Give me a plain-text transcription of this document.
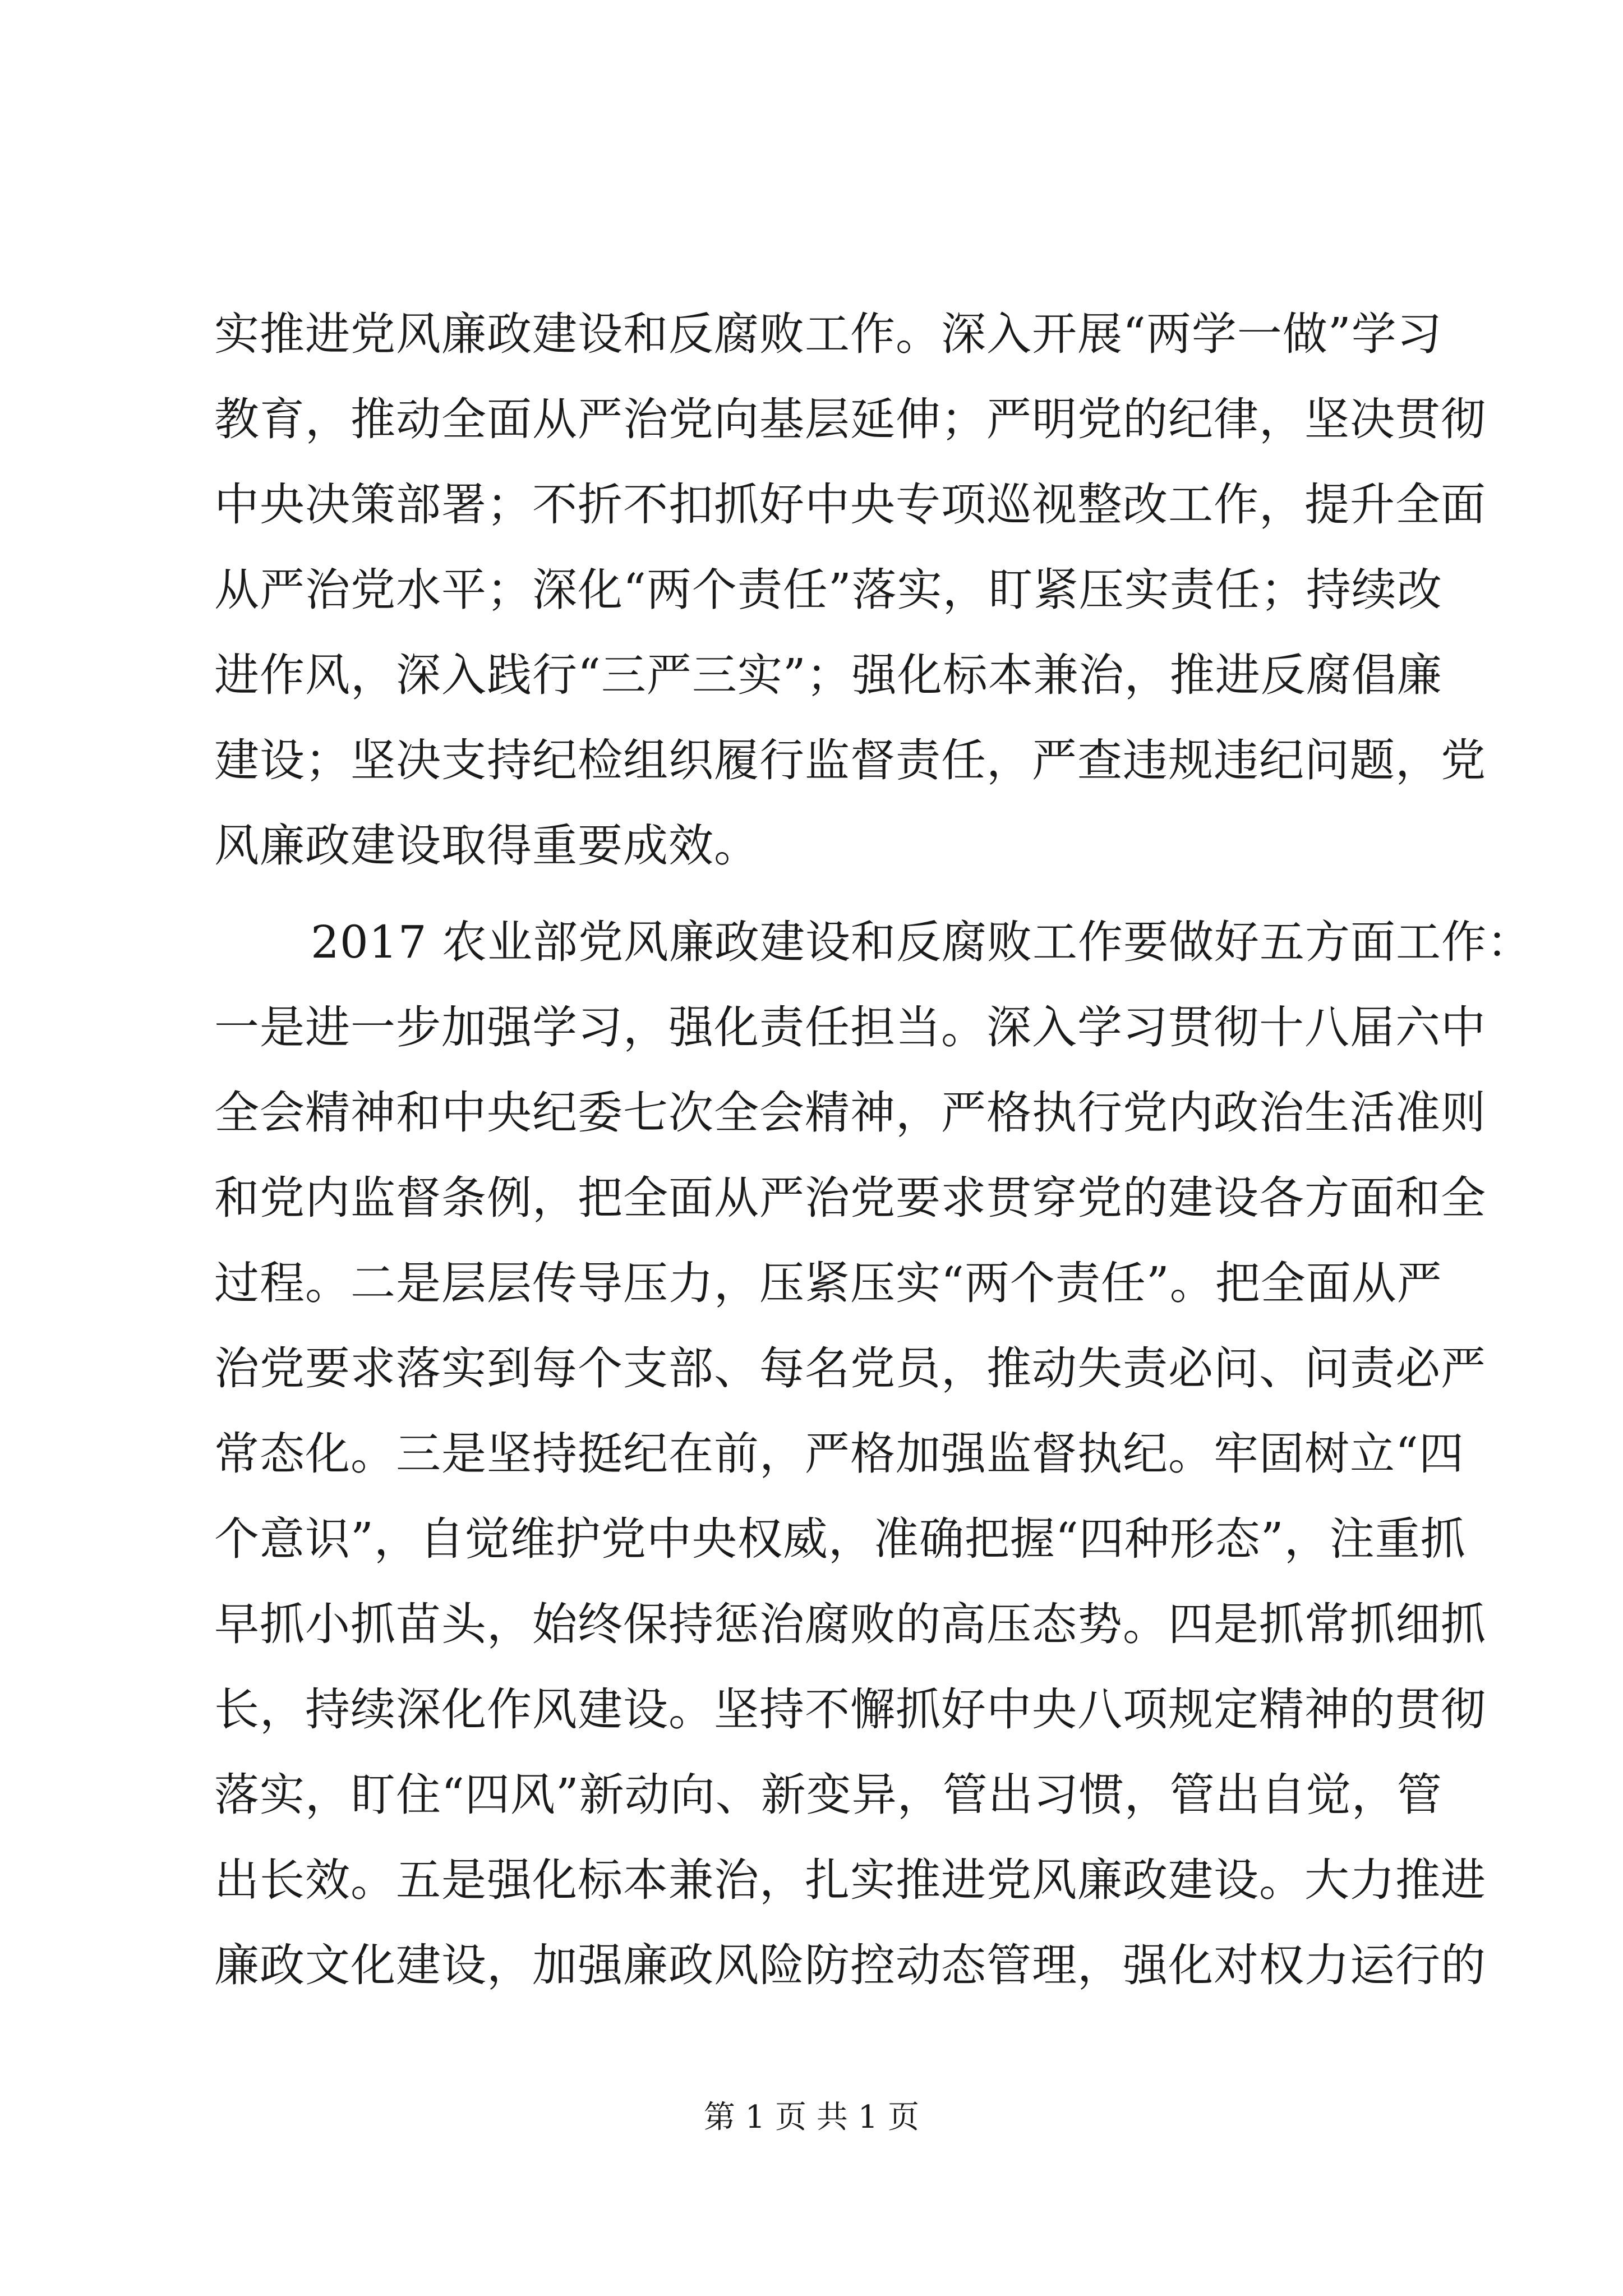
实推进党风廉政建设和反腐败工作。深入开展“两学一做”学习
教育，推动全面从严治党向基层延伸；严明党的纪律，坚决贯彻
中央决策部署；不折不扣抓好中央专项巡视整改工作，提升全面
从严治党水平；深化“两个责任”落实，盯紧压实责任；持续改
进作风，深入践行“三严三实”；强化标本兼治，推进反腐倡廉
建设；坚决支持纪检组织履行监督责任，严查违规违纪问题，党
风廉政建设取得重要成效。
2017 农业部党风廉政建设和反腐败工作要做好五方面工作：
一是进一步加强学习，强化责任担当。深入学习贯彻十八届六中
全会精神和中央纪委七次全会精神，严格执行党内政治生活准则
和党内监督条例，把全面从严治党要求贯穿党的建设各方面和全
过程。二是层层传导压力，压紧压实“两个责任”。把全面从严
治党要求落实到每个支部、每名党员，推动失责必问、问责必严
常态化。三是坚持挺纪在前，严格加强监督执纪。牢固树立“四
个意识”，自觉维护党中央权威，准确把握“四种形态”，注重抓
早抓小抓苗头，始终保持惩治腐败的高压态势。四是抓常抓细抓
长，持续深化作风建设。坚持不懈抓好中央八项规定精神的贯彻
落实，盯住“四风”新动向、新变异，管出习惯，管出自觉，管
出长效。五是强化标本兼治，扎实推进党风廉政建设。大力推进
廉政文化建设，加强廉政风险防控动态管理，强化对权力运行的
第 1 页 共 1 页
